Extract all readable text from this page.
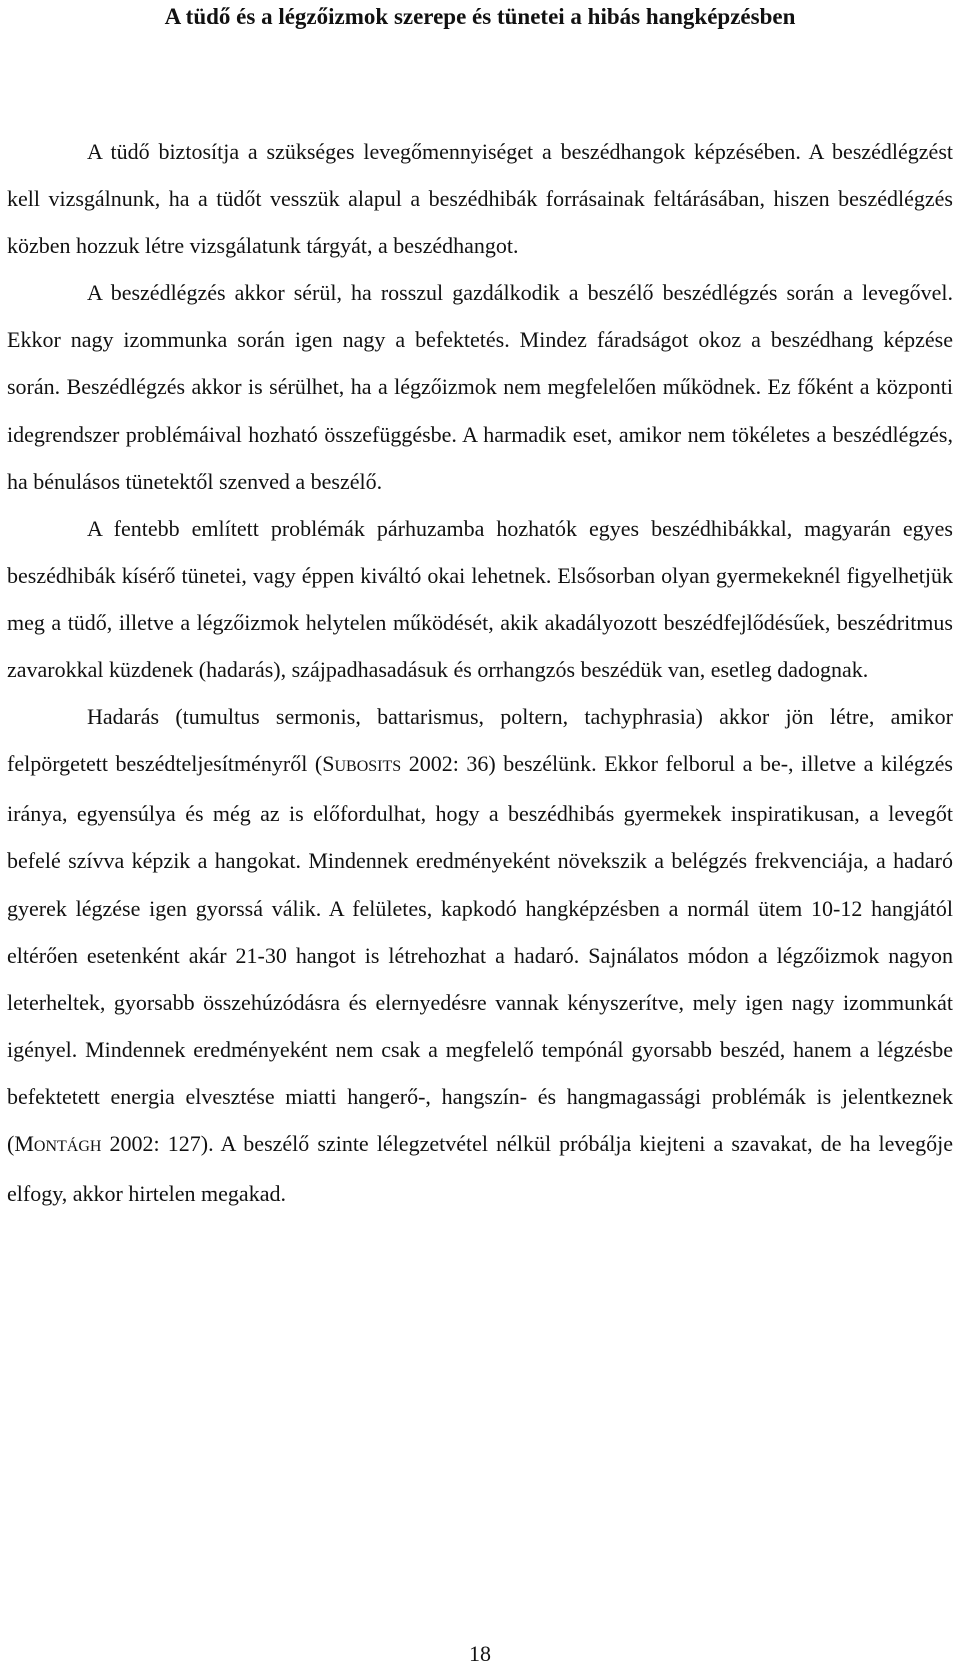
A tüdő és a légzőizmok szerepe és tünetei a hibás hangképzésben

A tüdő biztosítja a szükséges levegőmennyiséget a beszédhangok képzésében. A beszédlégzést kell vizsgálnunk, ha a tüdőt vesszük alapul a beszédhibák forrásainak feltárásában, hiszen beszédlégzés közben hozzuk létre vizsgálatunk tárgyát, a beszédhangot.

A beszédlégzés akkor sérül, ha rosszul gazdálkodik a beszélő beszédlégzés során a levegővel. Ekkor nagy izommunka során igen nagy a befektetés. Mindez fáradságot okoz a beszédhang képzése során. Beszédlégzés akkor is sérülhet, ha a légzőizmok nem megfelelően működnek. Ez főként a központi idegrendszer problémáival hozható összefüggésbe. A harmadik eset, amikor nem tökéletes a beszédlégzés, ha bénulásos tünetektől szenved a beszélő.

A fentebb említett problémák párhuzamba hozhatók egyes beszédhibákkal, magyarán egyes beszédhibák kísérő tünetei, vagy éppen kiváltó okai lehetnek. Elsősorban olyan gyermekeknél figyelhetjük meg a tüdő, illetve a légzőizmok helytelen működését, akik akadályozott beszédfejlődésűek, beszédritmus zavarokkal küzdenek (hadarás), szájpadhasadásuk és orrhangzós beszédük van, esetleg dadognak.

Hadarás (tumultus sermonis, battarismus, poltern, tachyphrasia) akkor jön létre, amikor felpörgetett beszédteljesítményről (SUBOSITS 2002: 36) beszélünk. Ekkor felborul a be-, illetve a kilégzés iránya, egyensúlya és még az is előfordulhat, hogy a beszédhibás gyermekek inspiratikusan, a levegőt befelé szívva képzik a hangokat. Mindennek eredményeként növekszik a belégzés frekvenciája, a hadaró gyerek légzése igen gyorssá válik. A felületes, kapkodó hangképzésben a normál ütem 10-12 hangjától eltérően esetenként akár 21-30 hangot is létrehozhat a hadaró. Sajnálatos módon a légzőizmok nagyon leterheltek, gyorsabb összehúzódásra és elernyedésre vannak kényszerítve, mely igen nagy izommunkát igényel. Mindennek eredményeként nem csak a megfelelő tempónál gyorsabb beszéd, hanem a légzésbe befektetett energia elvesztése miatti hangerő-, hangszín- és hangmagassági problémák is jelentkeznek (MONTÁGH 2002: 127). A beszélő szinte lélegzetvétel nélkül próbálja kiejteni a szavakat, de ha levegője elfogy, akkor hirtelen megakad.

18
